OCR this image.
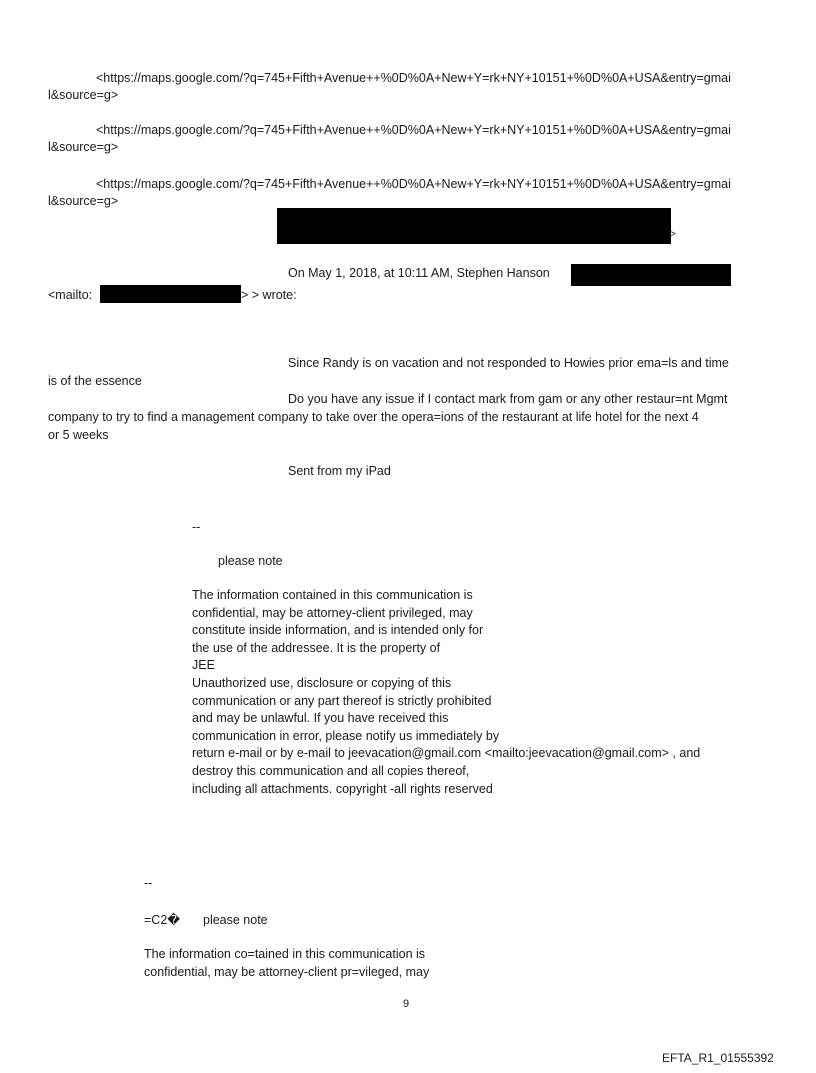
<https://maps.google.com/?q=745+Fifth+Avenue++%0D%0A+New+Y=rk+NY+10151+%0D%0A+USA&entry=gmai

l&source=g>

<https://maps.google.com/?q=745+Fifth+Avenue++%0D%0A+New+Y=rk+NY+10151+%0D%0A+USA&entry=gmai

l&source=g>

<https://maps.google.com/?q=745+Fifth+Avenue++%0D%0A+New+Y=rk+NY+10151+%0D%0A+USA&entry=gmai

l&source=g>

>

On May 1, 2018, at 10:11 AM, Stephen Hanson

<mailto:	> > wrote:

Since Randy is on vacation and not responded to Howies prior ema=ls and time

is of the essence

Do you have any issue if I contact mark from gam or any other restaur=nt Mgmt

company to try to find a management company to take over the opera=ions of the restaurant at life hotel for the next 4

or 5 weeks

Sent from my iPad

--

please note

The information contained in this communication is
confidential, may be attorney-client privileged, may
constitute inside information, and is intended only for
the use of the addressee. It is the property of
JEE
Unauthorized use, disclosure or copying of this
communication or any part thereof is strictly prohibited
and may be unlawful. If you have received this
communication in error, please notify us immediately by
return e-mail or by e-mail to jeevacation@gmail.com <mailto:jeevacation@gmail.com> , and
destroy this communication and all copies thereof,
including all attachments. copyright -all rights reserved

--

=C2� please note

The information co=tained in this communication is
confidential, may be attorney-client pr=vileged, may

9

EFTA_R1_01555392
